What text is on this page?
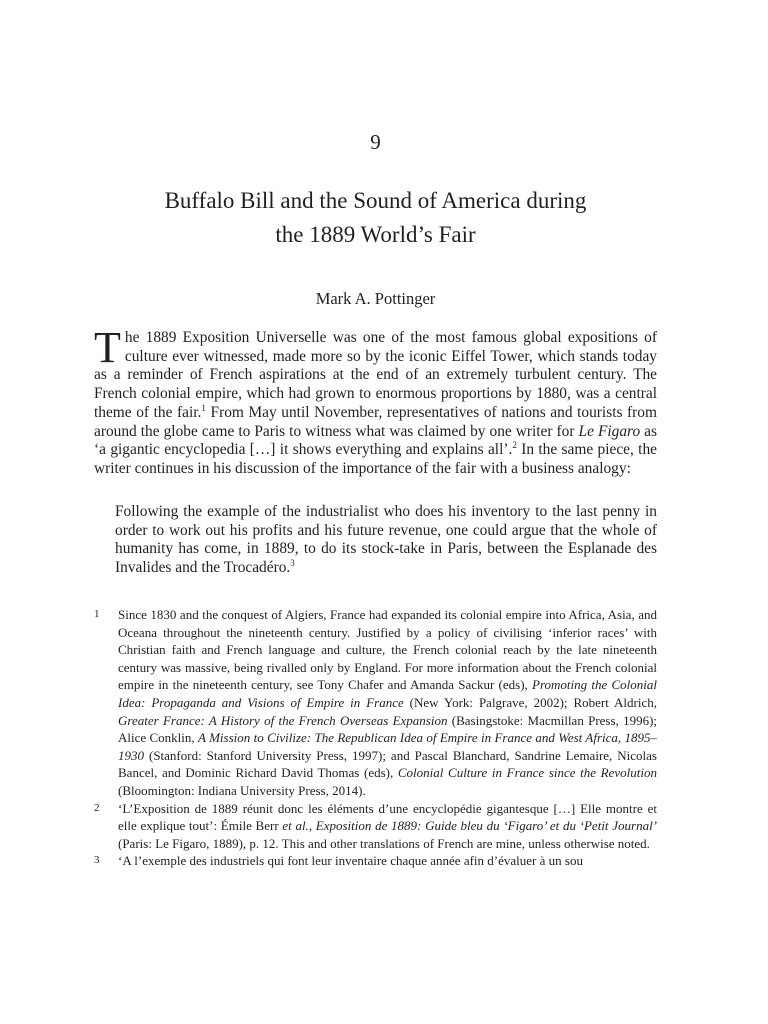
9
Buffalo Bill and the Sound of America during
the 1889 World’s Fair
Mark A. Pottinger

The 1889 Exposition Universelle was one of the most famous global expositions of culture ever witnessed, made more so by the iconic Eiffel Tower, which stands today as a reminder of French aspirations at the end of an extremely turbulent century. The French colonial empire, which had grown to enormous proportions by 1880, was a central theme of the fair.$^1$ From May until November, representatives of nations and tourists from around the globe came to Paris to witness what was claimed by one writer for Le Figaro as ‘a gigantic encyclopedia […] it shows everything and explains all’.$^2$ In the same piece, the writer continues in his discussion of the importance of the fair with a business analogy:

Following the example of the industrialist who does his inventory to the last penny in order to work out his profits and his future revenue, one could argue that the whole of humanity has come, in 1889, to do its stock-take in Paris, between the Esplanade des Invalides and the Trocadéro.$^3$

1	Since 1830 and the conquest of Algiers, France had expanded its colonial empire into Africa, Asia, and Oceana throughout the nineteenth century. Justified by a policy of civilising ‘inferior races’ with Christian faith and French language and culture, the French colonial reach by the late nineteenth century was massive, being rivalled only by England. For more information about the French colonial empire in the nineteenth century, see Tony Chafer and Amanda Sackur (eds), Promoting the Colonial Idea: Propaganda and Visions of Empire in France (New York: Palgrave, 2002); Robert Aldrich, Greater France: A History of the French Overseas Expansion (Basingstoke: Macmillan Press, 1996); Alice Conklin, A Mission to Civilize: The Republican Idea of Empire in France and West Africa, 1895–1930 (Stanford: Stanford University Press, 1997); and Pascal Blanchard, Sandrine Lemaire, Nicolas Bancel, and Dominic Richard David Thomas (eds), Colonial Culture in France since the Revolution (Bloomington: Indiana University Press, 2014).
2	‘L’Exposition de 1889 réunit donc les éléments d’une encyclopédie gigantesque […] Elle montre et elle explique tout’: Émile Berr et al., Exposition de 1889: Guide bleu du ‘Figaro’ et du ‘Petit Journal’ (Paris: Le Figaro, 1889), p. 12. This and other translations of French are mine, unless otherwise noted.
3	‘A l’exemple des industriels qui font leur inventaire chaque année afin d’évaluer à un sou
